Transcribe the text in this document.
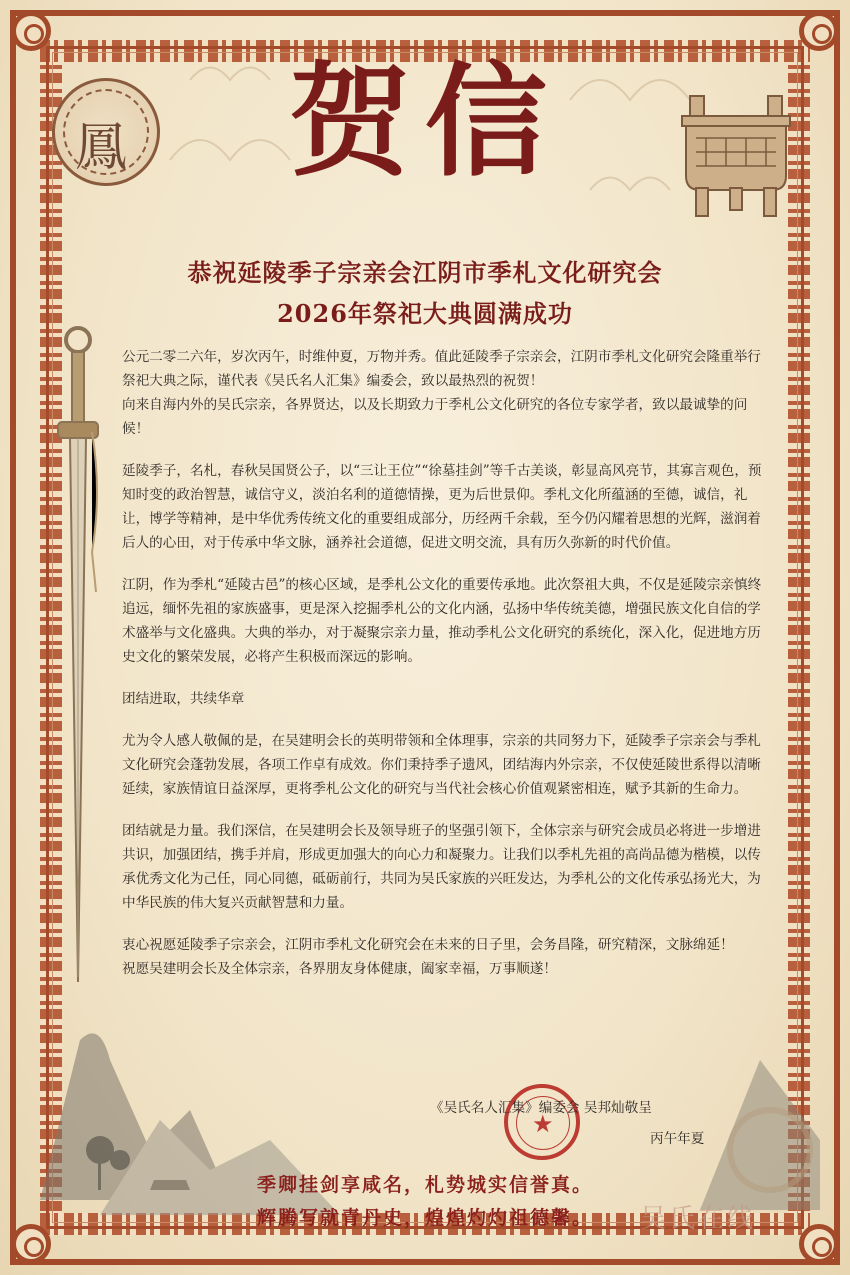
鳳	贺信
恭祝延陵季子宗亲会江阴市季札文化研究会
2026年祭祀大典圆满成功

公元二零二六年，岁次丙午，时维仲夏，万物并秀。值此延陵季子宗亲会，江阴市季札文化研究会隆重举行祭祀大典之际，谨代表《吴氏名人汇集》编委会，致以最热烈的祝贺！

向来自海内外的吴氏宗亲，各界贤达，以及长期致力于季札公文化研究的各位专家学者，致以最诚挚的问候！

延陵季子，名札，春秋吴国贤公子，以“三让王位”“徐墓挂剑”等千古美谈，彰显高风亮节，其寡言观色，预知时变的政治智慧，诚信守义，淡泊名利的道德情操，更为后世景仰。季札文化所蕴涵的至德，诚信，礼让，博学等精神，是中华优秀传统文化的重要组成部分，历经两千余载，至今仍闪耀着思想的光辉，滋润着后人的心田，对于传承中华文脉，涵养社会道德，促进文明交流，具有历久弥新的时代价值。

江阴，作为季札“延陵古邑”的核心区域，是季札公文化的重要传承地。此次祭祖大典，不仅是延陵宗亲慎终追远，缅怀先祖的家族盛事，更是深入挖掘季札公的文化内涵，弘扬中华传统美德，增强民族文化自信的学术盛举与文化盛典。大典的举办，对于凝聚宗亲力量，推动季札公文化研究的系统化，深入化，促进地方历史文化的繁荣发展，必将产生积极而深远的影响。

团结进取，共续华章

尤为令人感人敬佩的是，在吴建明会长的英明带领和全体理事，宗亲的共同努力下，延陵季子宗亲会与季札文化研究会蓬勃发展，各项工作卓有成效。你们秉持季子遗风，团结海内外宗亲，不仅使延陵世系得以清晰延续，家族情谊日益深厚，更将季札公文化的研究与当代社会核心价值观紧密相连，赋予其新的生命力。

团结就是力量。我们深信，在吴建明会长及领导班子的坚强引领下，全体宗亲与研究会成员必将进一步增进共识，加强团结，携手并肩，形成更加强大的向心力和凝聚力。让我们以季札先祖的高尚品德为楷模，以传承优秀文化为己任，同心同德，砥砺前行，共同为吴氏家族的兴旺发达，为季札公的文化传承弘扬光大，为中华民族的伟大复兴贡献智慧和力量。

衷心祝愿延陵季子宗亲会，江阴市季札文化研究会在未来的日子里，会务昌隆，研究精深，文脉绵延！

祝愿吴建明会长及全体宗亲，各界朋友身体健康，阖家幸福，万事顺遂！

★
《吴氏名人汇集》编委会 吴邦灿敬呈
丙午年夏
季卿挂剑享咸名，札势城实信誉真。
辉腾写就青丹史，煌煌灼灼祖德馨。	吴氏在线
